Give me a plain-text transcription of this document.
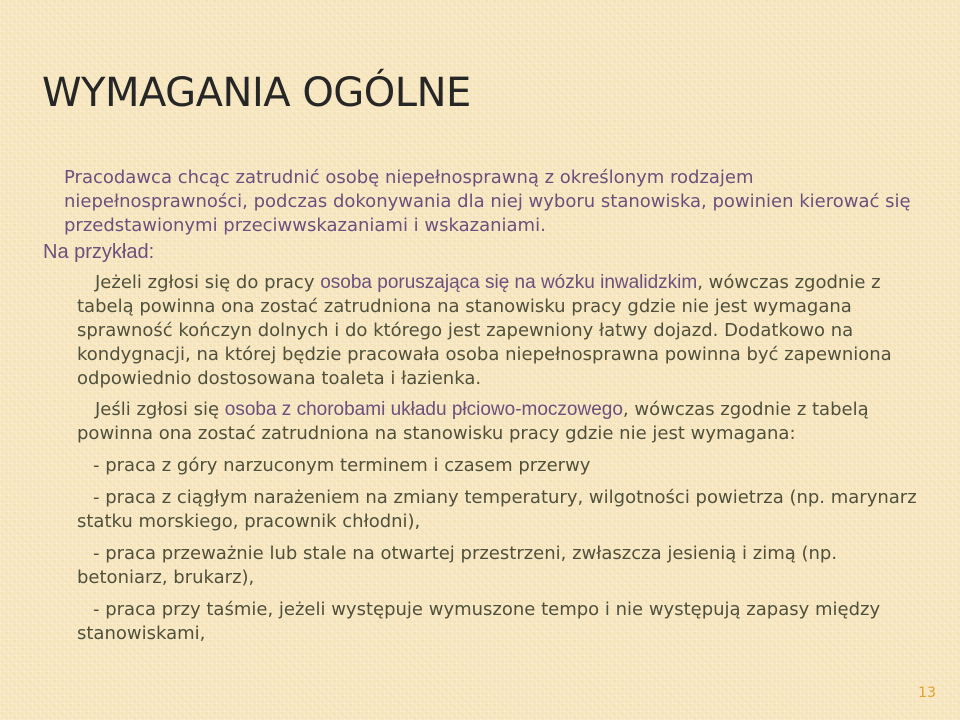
WYMAGANIA OGÓLNE

Pracodawca chcąc zatrudnić osobę niepełnosprawną z określonym rodzajem niepełnosprawności, podczas dokonywania dla niej wyboru stanowiska, powinien kierować się przedstawionymi przeciwwskazaniami i wskazaniami.

Na przykład:

Jeżeli zgłosi się do pracy osoba poruszająca się na wózku inwalidzkim, wówczas zgodnie z tabelą powinna ona zostać zatrudniona na stanowisku pracy gdzie nie jest wymagana sprawność kończyn dolnych i do którego jest zapewniony łatwy dojazd. Dodatkowo na kondygnacji, na której będzie pracowała osoba niepełnosprawna powinna być zapewniona odpowiednio dostosowana toaleta i łazienka.

Jeśli zgłosi się osoba z chorobami układu płciowo-moczowego, wówczas zgodnie z tabelą powinna ona zostać zatrudniona na stanowisku pracy gdzie nie jest wymagana:

- praca z góry narzuconym terminem i czasem przerwy

- praca z ciągłym narażeniem na zmiany temperatury, wilgotności powietrza (np. marynarz statku morskiego, pracownik chłodni),

- praca przeważnie lub stale na otwartej przestrzeni, zwłaszcza jesienią i zimą (np. betoniarz, brukarz),

- praca przy taśmie, jeżeli występuje wymuszone tempo i nie występują zapasy między stanowiskami,

13
